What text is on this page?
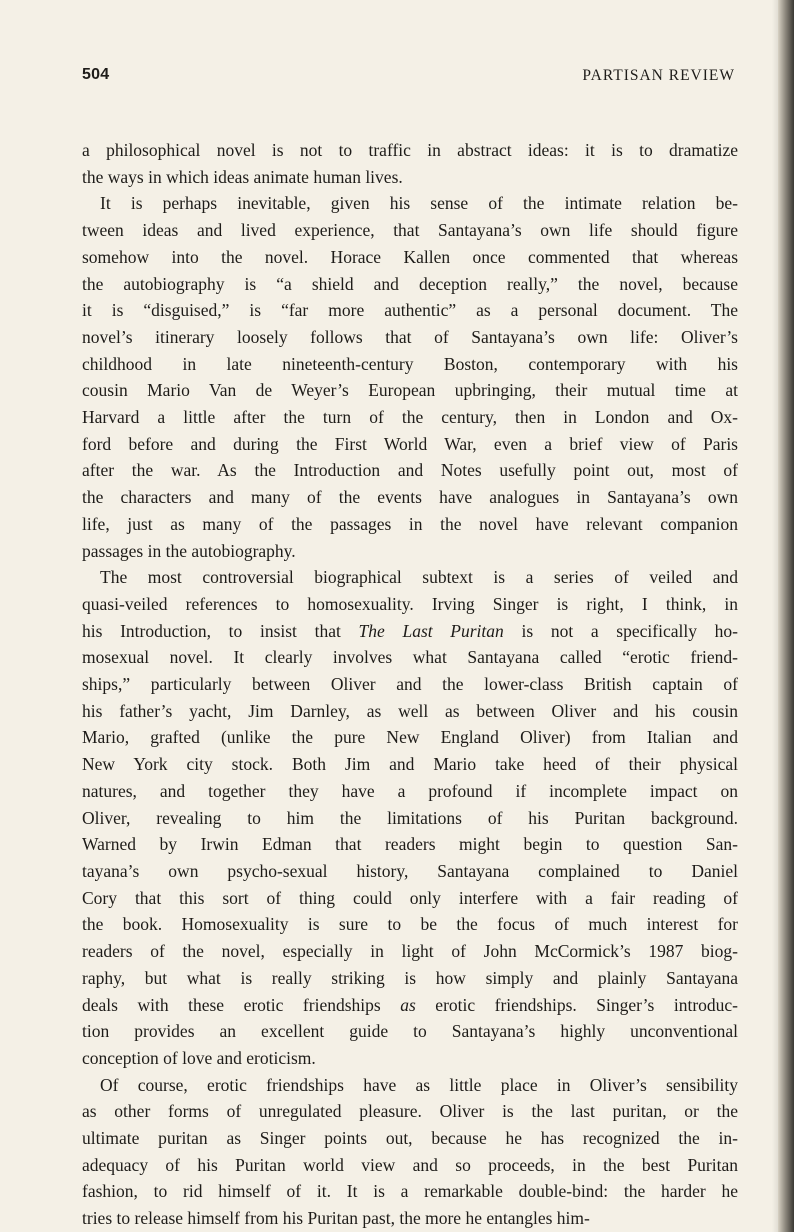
504	PARTISAN REVIEW

a philosophical novel is not to traffic in abstract ideas: it is to dramatize
the ways in which ideas animate human lives.

It is perhaps inevitable, given his sense of the intimate relation be-
tween ideas and lived experience, that Santayana’s own life should figure
somehow into the novel. Horace Kallen once commented that whereas
the autobiography is “a shield and deception really,” the novel, because
it is “disguised,” is “far more authentic” as a personal document. The
novel’s itinerary loosely follows that of Santayana’s own life: Oliver’s
childhood in late nineteenth-century Boston, contemporary with his
cousin Mario Van de Weyer’s European upbringing, their mutual time at
Harvard a little after the turn of the century, then in London and Ox-
ford before and during the First World War, even a brief view of Paris
after the war. As the Introduction and Notes usefully point out, most of
the characters and many of the events have analogues in Santayana’s own
life, just as many of the passages in the novel have relevant companion
passages in the autobiography.

The most controversial biographical subtext is a series of veiled and
quasi-veiled references to homosexuality. Irving Singer is right, I think, in
his Introduction, to insist that The Last Puritan is not a specifically ho-
mosexual novel. It clearly involves what Santayana called “erotic friend-
ships,” particularly between Oliver and the lower-class British captain of
his father’s yacht, Jim Darnley, as well as between Oliver and his cousin
Mario, grafted (unlike the pure New England Oliver) from Italian and
New York city stock. Both Jim and Mario take heed of their physical
natures, and together they have a profound if incomplete impact on
Oliver, revealing to him the limitations of his Puritan background.
Warned by Irwin Edman that readers might begin to question San-
tayana’s own psycho-sexual history, Santayana complained to Daniel
Cory that this sort of thing could only interfere with a fair reading of
the book. Homosexuality is sure to be the focus of much interest for
readers of the novel, especially in light of John McCormick’s 1987 biog-
raphy, but what is really striking is how simply and plainly Santayana
deals with these erotic friendships as erotic friendships. Singer’s introduc-
tion provides an excellent guide to Santayana’s highly unconventional
conception of love and eroticism.

Of course, erotic friendships have as little place in Oliver’s sensibility
as other forms of unregulated pleasure. Oliver is the last puritan, or the
ultimate puritan as Singer points out, because he has recognized the in-
adequacy of his Puritan world view and so proceeds, in the best Puritan
fashion, to rid himself of it. It is a remarkable double-bind: the harder he
tries to release himself from his Puritan past, the more he entangles him-
